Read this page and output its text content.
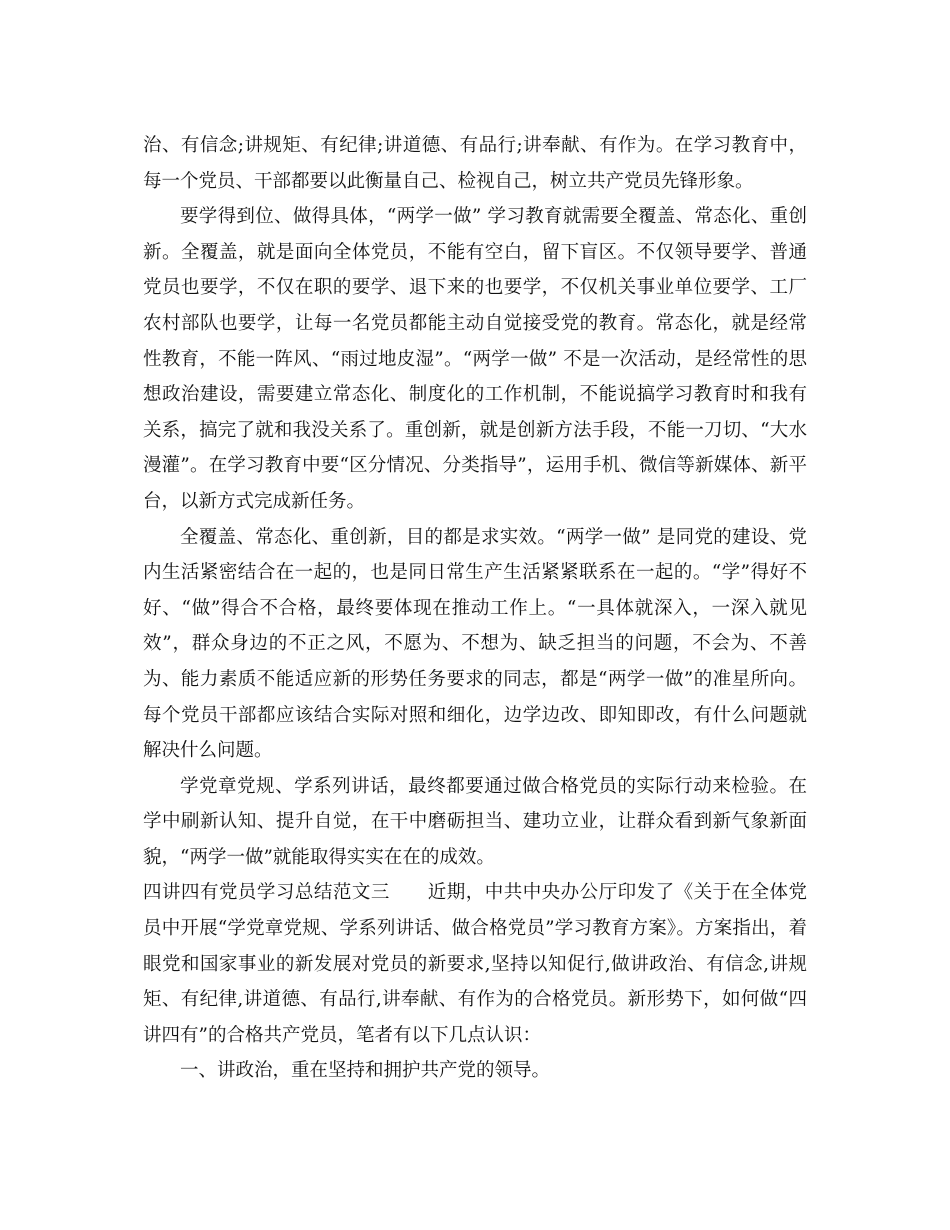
治、有信念;讲规矩、有纪律;讲道德、有品行;讲奉献、有作为。在学习教育中，每一个党员、干部都要以此衡量自己、检视自己，树立共产党员先锋形象。

要学得到位、做得具体，“两学一做” 学习教育就需要全覆盖、常态化、重创新。全覆盖，就是面向全体党员，不能有空白，留下盲区。不仅领导要学、普通党员也要学，不仅在职的要学、退下来的也要学，不仅机关事业单位要学、工厂农村部队也要学，让每一名党员都能主动自觉接受党的教育。常态化，就是经常性教育，不能一阵风、“雨过地皮湿”。“两学一做” 不是一次活动，是经常性的思想政治建设，需要建立常态化、制度化的工作机制，不能说搞学习教育时和我有关系，搞完了就和我没关系了。重创新，就是创新方法手段，不能一刀切、“大水漫灌”。在学习教育中要“区分情况、分类指导”，运用手机、微信等新媒体、新平台，以新方式完成新任务。

全覆盖、常态化、重创新，目的都是求实效。“两学一做” 是同党的建设、党内生活紧密结合在一起的，也是同日常生产生活紧紧联系在一起的。“学”得好不好、“做”得合不合格，最终要体现在推动工作上。“一具体就深入，一深入就见效”，群众身边的不正之风，不愿为、不想为、缺乏担当的问题，不会为、不善为、能力素质不能适应新的形势任务要求的同志，都是“两学一做”的准星所向。每个党员干部都应该结合实际对照和细化，边学边改、即知即改，有什么问题就解决什么问题。

学党章党规、学系列讲话，最终都要通过做合格党员的实际行动来检验。在学中刷新认知、提升自觉，在干中磨砺担当、建功立业，让群众看到新气象新面貌，“两学一做”就能取得实实在在的成效。

四讲四有党员学习总结范文三　　近期，中共中央办公厅印发了《关于在全体党员中开展“学党章党规、学系列讲话、做合格党员”学习教育方案》。方案指出，着眼党和国家事业的新发展对党员的新要求,坚持以知促行,做讲政治、有信念,讲规矩、有纪律,讲道德、有品行,讲奉献、有作为的合格党员。新形势下，如何做“四讲四有”的合格共产党员，笔者有以下几点认识：

一、讲政治，重在坚持和拥护共产党的领导。
